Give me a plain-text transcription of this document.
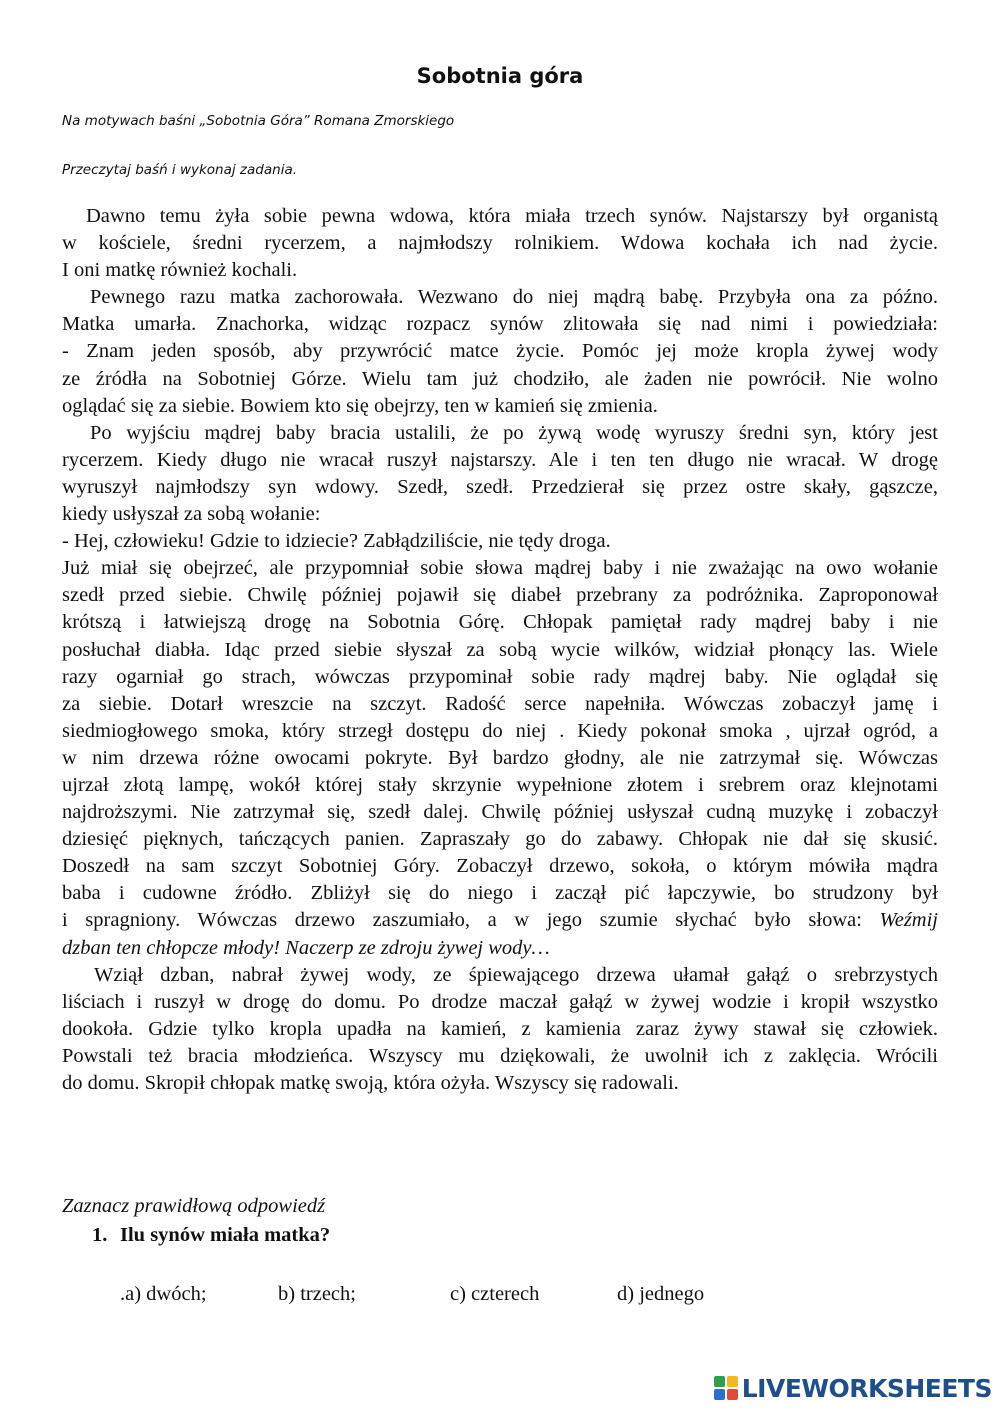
Sobotnia góra

Na motywach baśni „Sobotnia Góra” Romana Zmorskiego

Przeczytaj baśń i wykonaj zadania.

Dawno temu żyła sobie pewna wdowa, która miała trzech synów. Najstarszy był organistą

w kościele, średni rycerzem, a najmłodszy rolnikiem. Wdowa kochała ich nad życie.

I oni matkę również kochali.

Pewnego razu matka zachorowała. Wezwano do niej mądrą babę. Przybyła ona za późno.

Matka umarła. Znachorka, widząc rozpacz synów zlitowała się nad nimi i powiedziała:

- Znam jeden sposób, aby przywrócić matce życie. Pomóc jej może kropla żywej wody

ze źródła na Sobotniej Górze. Wielu tam już chodziło, ale żaden nie powrócił. Nie wolno

oglądać się za siebie. Bowiem kto się obejrzy, ten w kamień się zmienia.

Po wyjściu mądrej baby bracia ustalili, że po żywą wodę wyruszy średni syn, który jest

rycerzem. Kiedy długo nie wracał ruszył najstarszy. Ale i ten ten długo nie wracał. W drogę

wyruszył najmłodszy syn wdowy. Szedł, szedł. Przedzierał się przez ostre skały, gąszcze,

kiedy usłyszał za sobą wołanie:

- Hej, człowieku! Gdzie to idziecie? Zabłądziliście, nie tędy droga.

Już miał się obejrzeć, ale przypomniał sobie słowa mądrej baby i nie zważając na owo wołanie

szedł przed siebie. Chwilę później pojawił się diabeł przebrany za podróżnika. Zaproponował

krótszą i łatwiejszą drogę na Sobotnia Górę. Chłopak pamiętał rady mądrej baby i nie

posłuchał diabła. Idąc przed siebie słyszał za sobą wycie wilków, widział płonący las. Wiele

razy ogarniał go strach, wówczas przypominał sobie rady mądrej baby. Nie oglądał się

za siebie. Dotarł wreszcie na szczyt. Radość serce napełniła. Wówczas zobaczył jamę i

siedmiogłowego smoka, który strzegł dostępu do niej . Kiedy pokonał smoka , ujrzał ogród, a

w nim drzewa różne owocami pokryte. Był bardzo głodny, ale nie zatrzymał się. Wówczas

ujrzał złotą lampę, wokół której stały skrzynie wypełnione złotem i srebrem oraz klejnotami

najdroższymi. Nie zatrzymał się, szedł dalej. Chwilę później usłyszał cudną muzykę i zobaczył

dziesięć pięknych, tańczących panien. Zapraszały go do zabawy. Chłopak nie dał się skusić.

Doszedł na sam szczyt Sobotniej Góry. Zobaczył drzewo, sokoła, o którym mówiła mądra

baba i cudowne źródło. Zbliżył się do niego i zaczął pić łapczywie, bo strudzony był

i spragniony. Wówczas drzewo zaszumiało, a w jego szumie słychać było słowa: Weźmij

dzban ten chłopcze młody! Naczerp ze zdroju żywej wody…

Wziął dzban, nabrał żywej wody, ze śpiewającego drzewa ułamał gałąź o srebrzystych

liściach i ruszył w drogę do domu. Po drodze maczał gałąź w żywej wodzie i kropił wszystko

dookoła. Gdzie tylko kropla upadła na kamień, z kamienia zaraz żywy stawał się człowiek.

Powstali też bracia młodzieńca. Wszyscy mu dziękowali, że uwolnił ich z zaklęcia. Wrócili

do domu. Skropił chłopak matkę swoją, która ożyła. Wszyscy się radowali.

Zaznacz prawidłową odpowiedź

1. Ilu synów miała matka?

.a) dwóch;	b) trzech;	c) czterech	d) jednego
LIVEWORKSHEETS
